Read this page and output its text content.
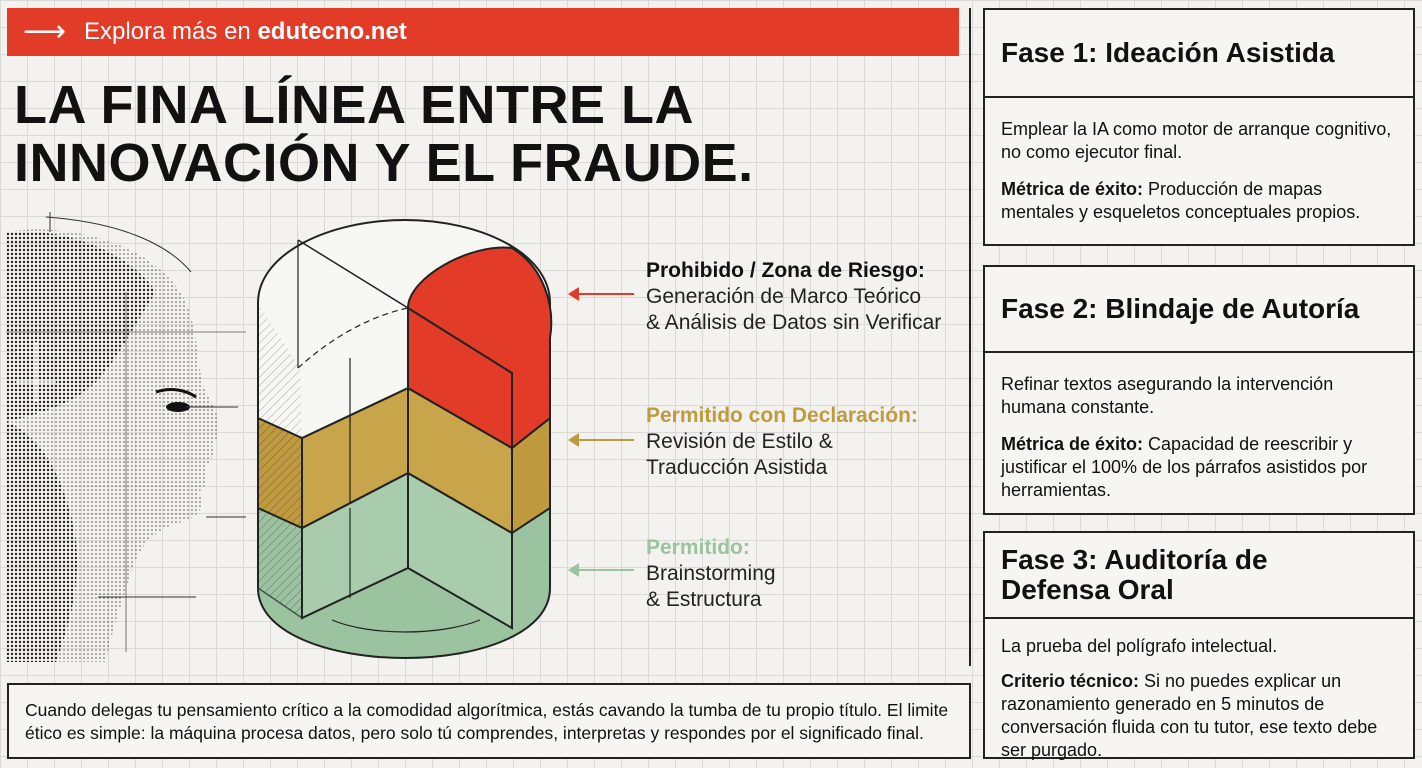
⟶ Explora más en edutecno.net
LA FINA LÍNEA ENTRE LA
INNOVACIÓN Y EL FRAUDE.
Prohibido / Zona de Riesgo:
Generación de Marco Teórico
& Análisis de Datos sin Verificar
Permitido con Declaración:
Revisión de Estilo &
Traducción Asistida
Permitido:
Brainstorming
& Estructura
Cuando delegas tu pensamiento crítico a la comodidad algorítmica, estás cavando la tumba de tu propio título. El limite
ético es simple: la máquina procesa datos, pero solo tú comprendes, interpretas y respondes por el significado final.
Fase 1: Ideación Asistida

Emplear la IA como motor de arranque cognitivo, no como ejecutor final.

Métrica de éxito: Producción de mapas mentales y esqueletos conceptuales propios.

Fase 2: Blindaje de Autoría

Refinar textos asegurando la intervención humana constante.

Métrica de éxito: Capacidad de reescribir y justificar el 100% de los párrafos asistidos por herramientas.

Fase 3: Auditoría de
Defensa Oral

La prueba del polígrafo intelectual.

Criterio técnico: Si no puedes explicar un razonamiento generado en 5 minutos de conversación fluida con tu tutor, ese texto debe ser purgado.
